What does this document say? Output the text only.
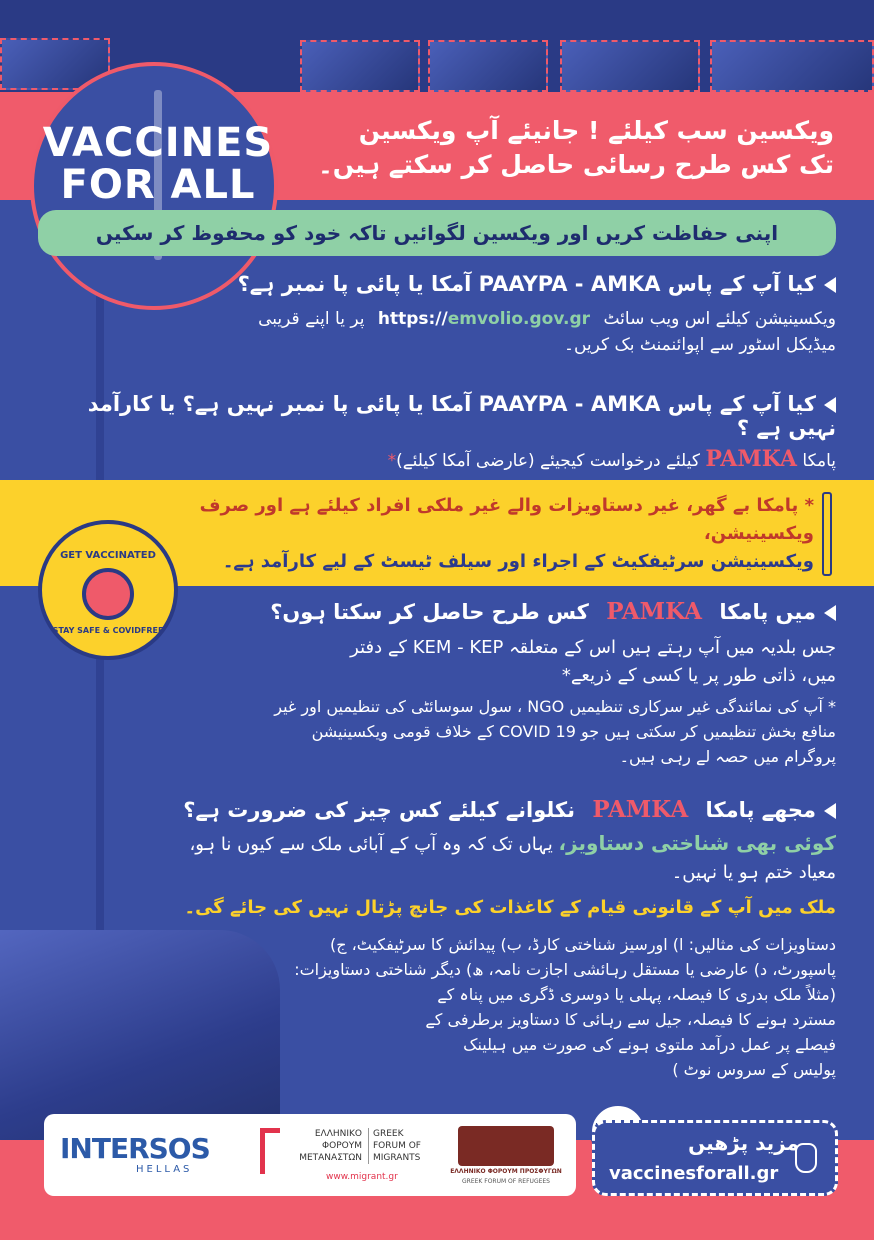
VACCINES
FOR ALL
ویکسین سب کیلئے ! جانیئے آپ ویکسین
تک کس طرح رسائی حاصل کر سکتے ہیں۔
اپنی حفاظت کریں اور ویکسین لگوائیں تاکہ خود کو محفوظ کر سکیں
کیا آپ کے پاس PAAYPA - AMKA آمکا یا پائی پا نمبر ہے؟
ویکسینیشن کیلئے اس ویب سائٹ https://emvolio.gov.gr پر یا اپنے قریبی
میڈیکل اسٹور سے اپوائنمنٹ بک کریں۔
کیا آپ کے پاس PAAYPA - AMKA آمکا یا پائی پا نمبر نہیں ہے؟ یا کارآمد نہیں ہے ؟
پامکا PAMKA کیلئے درخواست کیجیئے (عارضی آمکا کیلئے)*
* پامکا بے گھر، غیر دستاویزات والے غیر ملکی افراد کیلئے ہے اور صرف ویکسینیشن،
ویکسینیشن سرٹیفکیٹ کے اجراء اور سیلف ٹیسٹ کے لیے کارآمد ہے۔
GET VACCINATED
STAY SAFE & COVIDFREE
میں پامکا PAMKA کس طرح حاصل کر سکتا ہوں؟
جس بلدیہ میں آپ رہتے ہیں اس کے متعلقہ KEM - KEP کے دفتر
میں، ذاتی طور پر یا کسی کے ذریعے*
* آپ کی نمائندگی غیر سرکاری تنظیمیں NGO ، سول سوسائٹی کی تنظیمیں اور غیر
منافع بخش تنظیمیں کر سکتی ہیں جو COVID 19 کے خلاف قومی ویکسینیشن
پروگرام میں حصہ لے رہی ہیں۔
مجھے پامکا PAMKA نکلوانے کیلئے کس چیز کی ضرورت ہے؟
کوئی بھی شناختی دستاویز، یہاں تک کہ وہ آپ کے آبائی ملک سے کیوں نا ہو،
معیاد ختم ہو یا نہیں۔
ملک میں آپ کے قانونی قیام کے کاغذات کی جانچ پڑتال نہیں کی جائے گی۔
دستاویزات کی مثالیں: ا) اورسیز شناختی کارڈ، ب) پیدائش کا سرٹیفکیٹ، ج)
پاسپورٹ، د) عارضی یا مستقل رہائشی اجازت نامہ، ھ) دیگر شناختی دستاویزات:
(مثلاً ملک بدری کا فیصلہ، پہلی یا دوسری ڈگری میں پناہ کے
مسترد ہونے کا فیصلہ، جیل سے رہائی کا دستاویز برطرفی کے
فیصلے پر عمل درآمد ملتوی ہونے کی صورت میں ہیلینک
پولیس کے سروس نوٹ )
INTERSOS
HELLAS
ΕΛΛΗΝΙΚΟ
ΦΟΡΟΥΜ
ΜΕΤΑΝΑΣΤΩΝ
GREEK
FORUM OF
MIGRANTS
www.migrant.gr
ΕΛΛΗΝΙΚΟ ΦΟΡΟΥΜ ΠΡΟΣΦΥΓΩΝ
GREEK FORUM OF REFUGEES
مزید پڑھیں
vaccinesforall.gr
